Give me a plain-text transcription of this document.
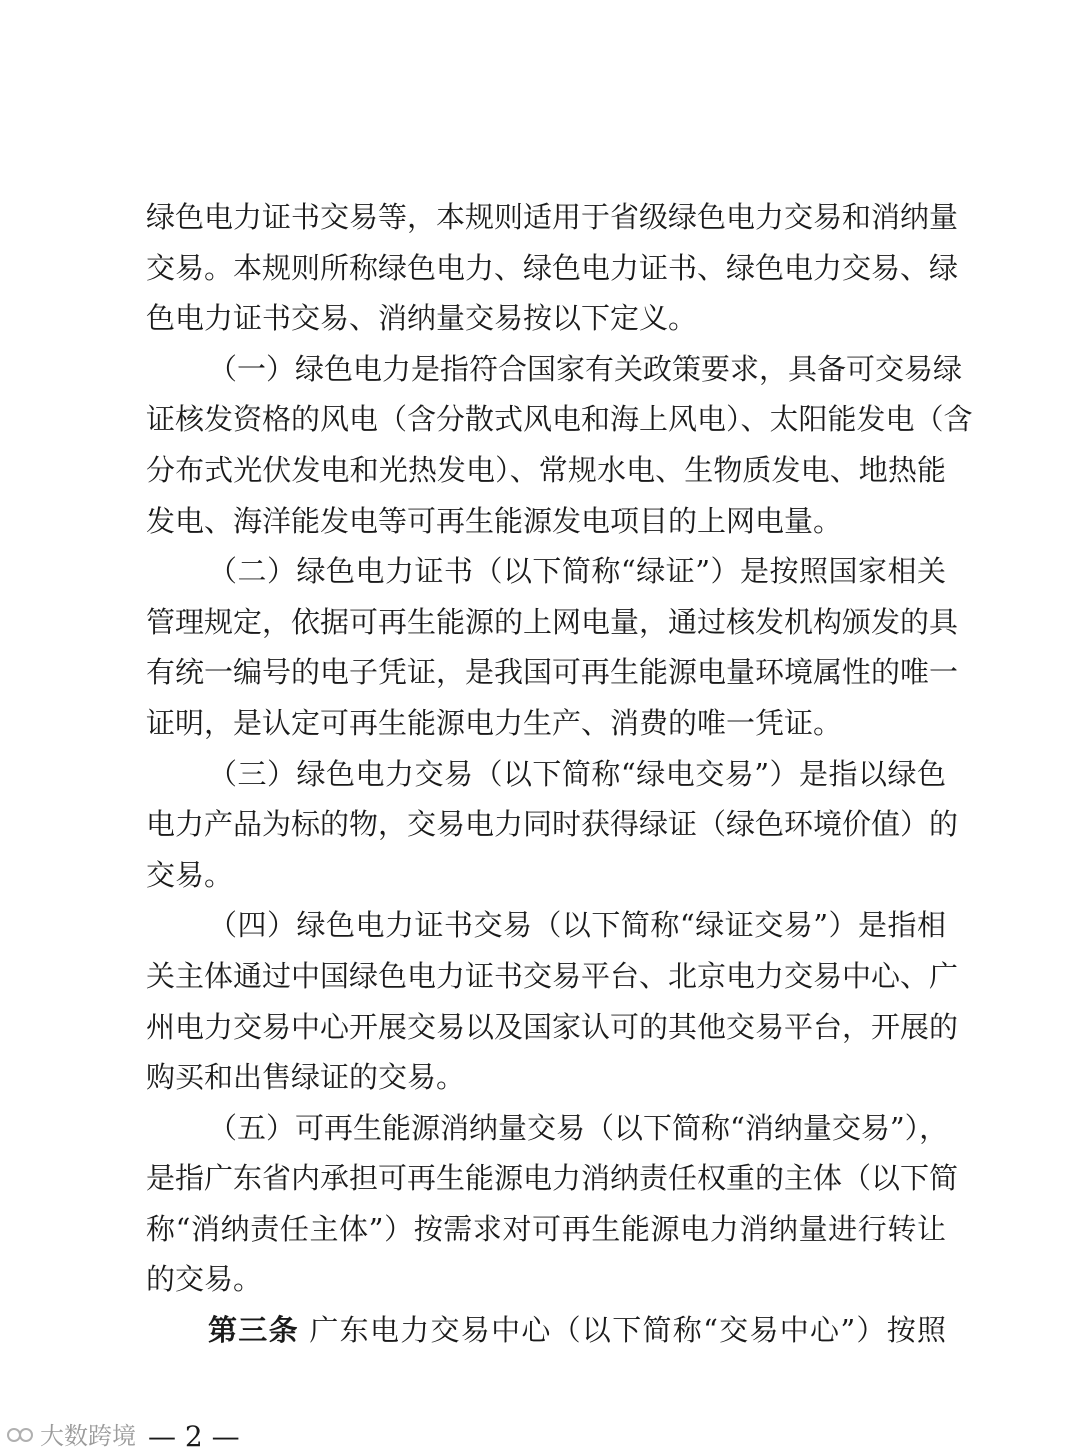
绿色电力证书交易等，本规则适用于省级绿色电力交易和消纳量
交易。本规则所称绿色电力、绿色电力证书、绿色电力交易、绿
色电力证书交易、消纳量交易按以下定义。
（一）绿色电力是指符合国家有关政策要求，具备可交易绿
证核发资格的风电（含分散式风电和海上风电）、太阳能发电（含
分布式光伏发电和光热发电）、常规水电、生物质发电、地热能
发电、海洋能发电等可再生能源发电项目的上网电量。
（二）绿色电力证书（以下简称“绿证”）是按照国家相关
管理规定，依据可再生能源的上网电量，通过核发机构颁发的具
有统一编号的电子凭证，是我国可再生能源电量环境属性的唯一
证明，是认定可再生能源电力生产、消费的唯一凭证。
（三）绿色电力交易（以下简称“绿电交易”）是指以绿色
电力产品为标的物，交易电力同时获得绿证（绿色环境价值）的
交易。
（四）绿色电力证书交易（以下简称“绿证交易”）是指相
关主体通过中国绿色电力证书交易平台、北京电力交易中心、广
州电力交易中心开展交易以及国家认可的其他交易平台，开展的
购买和出售绿证的交易。
（五）可再生能源消纳量交易（以下简称“消纳量交易”），
是指广东省内承担可再生能源电力消纳责任权重的主体（以下简
称“消纳责任主体”）按需求对可再生能源电力消纳量进行转让
的交易。
第三条 广东电力交易中心（以下简称“交易中心”）按照
大数跨境 — 2 —
